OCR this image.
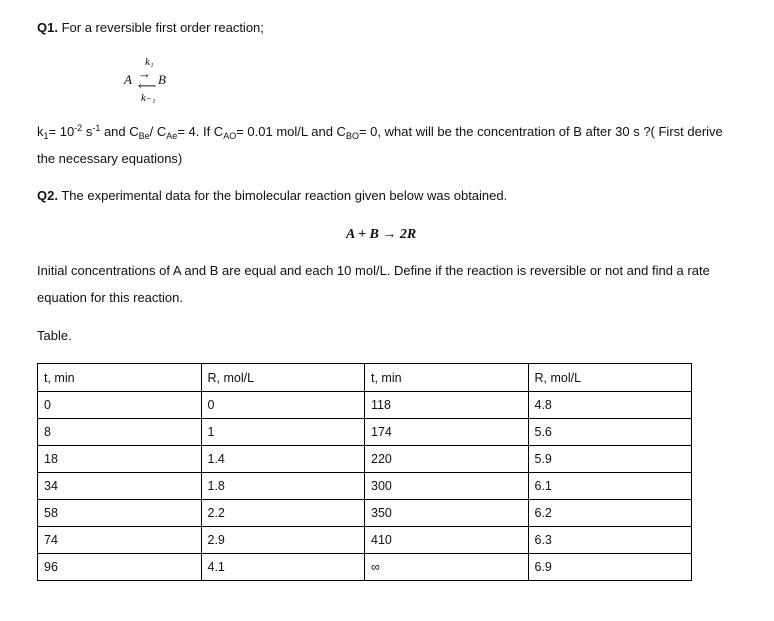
Q1. For a reversible first order reaction;
k₁
→
A B
⟵
k₋₁
$k_1= 10^{-2}$ $s^{-1}$ and $C_{Be}/$ $C_{Ae}= 4$. If $C_{AO}= 0.01$ mol/L and $C_{BO}= 0$, what will be the concentration of B after 30 s ?( First derive
the necessary equations)
Q2. The experimental data for the bimolecular reaction given below was obtained.
A + B → 2R
Initial concentrations of A and B are equal and each 10 mol/L. Define if the reaction is reversible or not and find a rate
equation for this reaction.
Table.
t, min	R, mol/L	t, min	R, mol/L
0	0	118	4.8
8	1	174	5.6
18	1.4	220	5.9
34	1.8	300	6.1
58	2.2	350	6.2
74	2.9	410	6.3
96	4.1	∞	6.9
